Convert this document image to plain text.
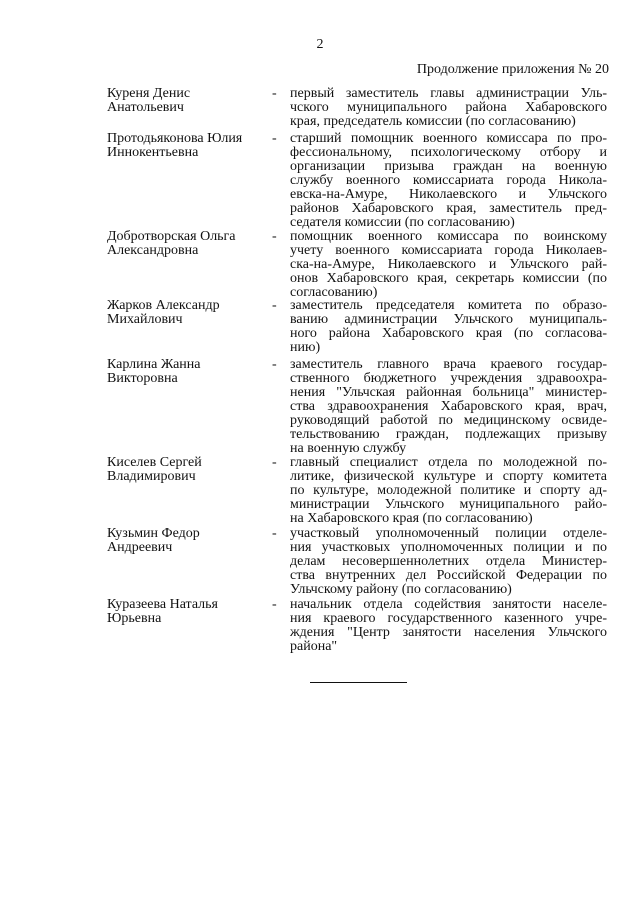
2
Продолжение приложения № 20
Куреня Денис
Анатольевич
- первый заместитель главы администрации Уль-
чского муниципального района Хабаровского
края, председатель комиссии (по согласованию)
Протодьяконова Юлия
Иннокентьевна
- старший помощник военного комиссара по про-
фессиональному, психологическому отбору и
организации призыва граждан на военную
службу военного комиссариата города Никола-
евска-на-Амуре, Николаевского и Ульчского
районов Хабаровского края, заместитель пред-
седателя комиссии (по согласованию)
Добротворская Ольга
Александровна
- помощник военного комиссара по воинскому
учету военного комиссариата города Николаев-
ска-на-Амуре, Николаевского и Ульчского рай-
онов Хабаровского края, секретарь комиссии (по
согласованию)
Жарков Александр
Михайлович
- заместитель председателя комитета по образо-
ванию администрации Ульчского муниципаль-
ного района Хабаровского края (по согласова-
нию)
Карлина Жанна
Викторовна
- заместитель главного врача краевого государ-
ственного бюджетного учреждения здравоохра-
нения "Ульчская районная больница" министер-
ства здравоохранения Хабаровского края, врач,
руководящий работой по медицинскому освиде-
тельствованию граждан, подлежащих призыву
на военную службу
Киселев Сергей
Владимирович
- главный специалист отдела по молодежной по-
литике, физической культуре и спорту комитета
по культуре, молодежной политике и спорту ад-
министрации Ульчского муниципального райо-
на Хабаровского края (по согласованию)
Кузьмин Федор
Андреевич
- участковый уполномоченный полиции отделе-
ния участковых уполномоченных полиции и по
делам несовершеннолетних отдела Министер-
ства внутренних дел Российской Федерации по
Ульчскому району (по согласованию)
Куразеева Наталья
Юрьевна
- начальник отдела содействия занятости населе-
ния краевого государственного казенного учре-
ждения "Центр занятости населения Ульчского
района"
